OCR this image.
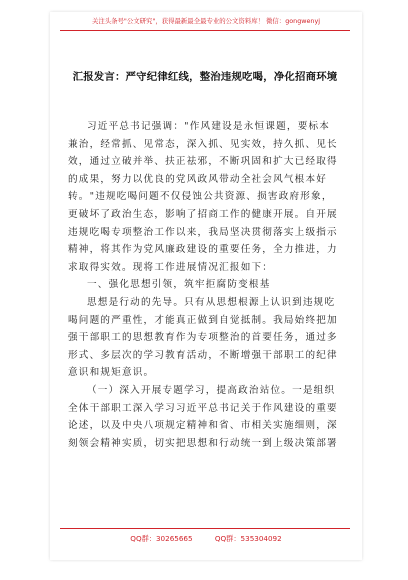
关注头条号"公文研究"，获得最新最全最专业的公文资料库！ 微信：gongwenyj
汇报发言：严守纪律红线，整治违规吃喝，净化招商环境
习近平总书记强调："作风建设是永恒课题，要标本
兼治，经常抓、见常态，深入抓、见实效，持久抓、见长
效，通过立破并举、扶正祛邪，不断巩固和扩大已经取得
的成果，努力以优良的党风政风带动全社会风气根本好
转。"违规吃喝问题不仅侵蚀公共资源、损害政府形象，
更破坏了政治生态，影响了招商工作的健康开展。自开展
违规吃喝专项整治工作以来，我局坚决贯彻落实上级指示
精神，将其作为党风廉政建设的重要任务，全力推进，力
求取得实效。现将工作进展情况汇报如下：
一、强化思想引领，筑牢拒腐防变根基
思想是行动的先导。只有从思想根源上认识到违规吃
喝问题的严重性，才能真正做到自觉抵制。我局始终把加
强干部职工的思想教育作为专项整治的首要任务，通过多
形式、多层次的学习教育活动，不断增强干部职工的纪律
意识和规矩意识。
（一）深入开展专题学习，提高政治站位。一是组织
全体干部职工深入学习习近平总书记关于作风建设的重要
论述，以及中央八项规定精神和省、市相关实施细则，深
刻领会精神实质，切实把思想和行动统一到上级决策部署
QQ群：30265665	QQ群：535304092
